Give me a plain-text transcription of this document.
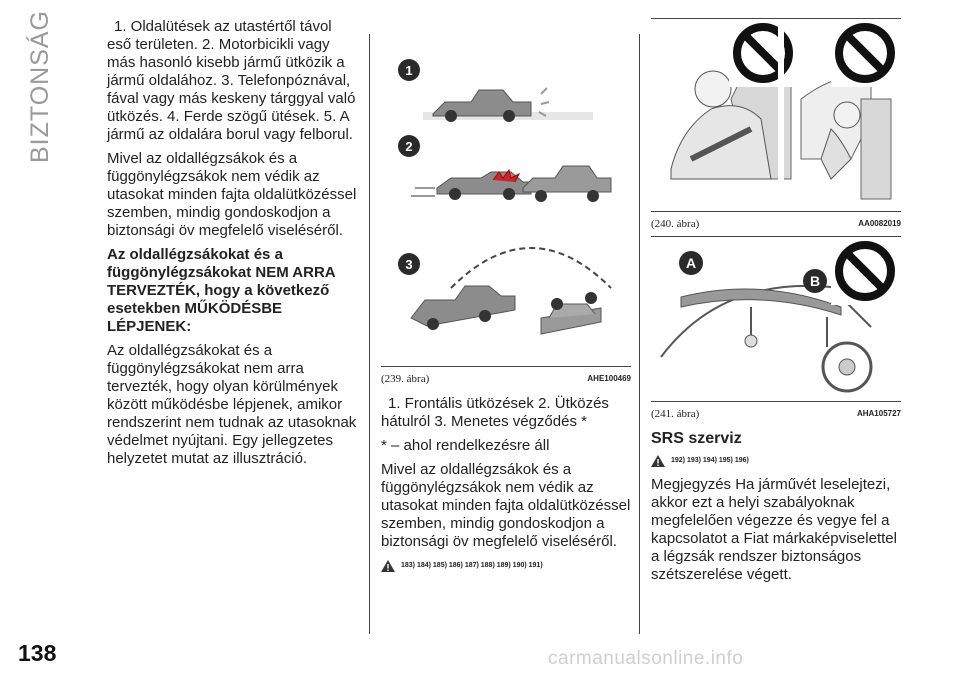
BIZTONSÁG	1. Oldalütések az utastértől távol eső területen. 2. Motorbicikli vagy más hasonló kisebb jármű ütközik a jármű oldalához. 3. Telefonpóznával, fával vagy más keskeny tárggyal való ütközés. 4. Ferde szögű ütések. 5. A jármű az oldalára borul vagy felborul.

Mivel az oldallégzsákok és a függönylégzsákok nem védik az utasokat minden fajta oldalütközéssel szemben, mindig gondoskodjon a biztonsági öv megfelelő viseléséről.

Az oldallégzsákokat és a függönylégzsákokat NEM ARRA TERVEZTÉK, hogy a következő esetekben MŰKÖDÉSBE LÉPJENEK:

Az oldallégzsákokat és a függönylégzsákokat nem arra tervezték, hogy olyan körülmények között működésbe lépjenek, amikor rendszerint nem tudnak az utasoknak védelmet nyújtani. Egy jellegzetes helyzetet mutat az illusztráció.

1
2
3
(239. ábra)	AHE100469

1. Frontális ütközések 2. Ütközés hátulról 3. Menetes végződés *

* – ahol rendelkezésre áll

Mivel az oldallégzsákok és a függönylégzsákok nem védik az utasokat minden fajta oldalütközéssel szemben, mindig gondoskodjon a biztonsági öv megfelelő viseléséről.

183) 184) 185) 186) 187) 188) 189) 190) 191)
(240. ábra)	AA0082019
A
B
(241. ábra)	AHA105727
SRS szerviz
192) 193) 194) 195) 196)

Megjegyzés Ha járművét leselejtezi, akkor ezt a helyi szabályoknak megfelelően végezze és vegye fel a kapcsolatot a Fiat márkaképviselettel a légzsák rendszer biztonságos szétszerelése végett.

138	carmanualsonline.info
